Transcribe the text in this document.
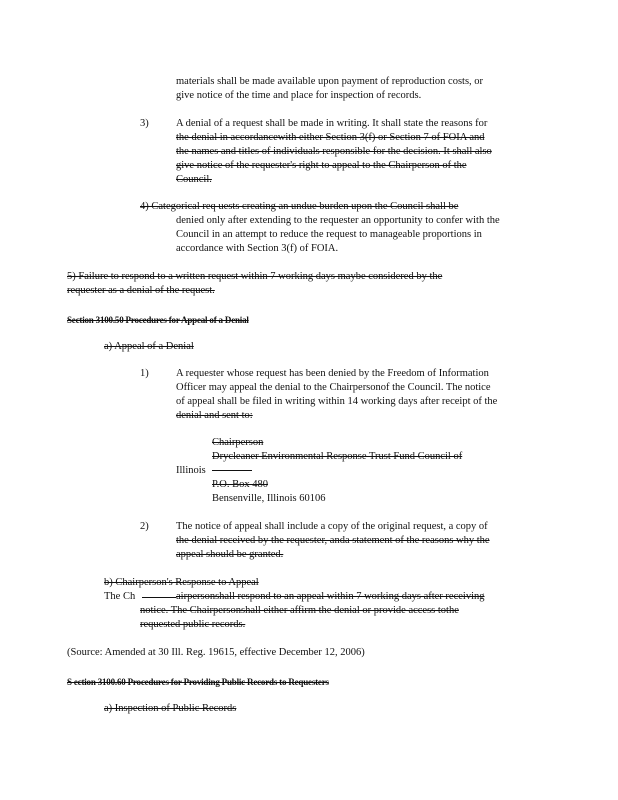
materials shall be made available upon payment of reproduction costs, or
give notice of the time and place for inspection of records.
3)	A denial of a request shall be made in writing. It shall state the reasons for
the denial in accordancewith either Section 3(f) or Section 7 of FOIA and
the names and titles of individuals responsible for the decision. It shall also
give notice of the requester's right to appeal to the Chairperson of the
Council.
4) Categorical req uests creating an undue burden upon the Council shall be
denied only after extending to the requester an opportunity to confer with the
Council in an attempt to reduce the request to manageable proportions in
accordance with Section 3(f) of FOIA.
5) Failure to respond to a written request within 7 working days maybe considered by the
requester as a denial of the request.
Section 3100.50 Procedures for Appeal of a Denial
a) Appeal of a Denial
1)	A requester whose request has been denied by the Freedom of Information
Officer may appeal the denial to the Chairpersonof the Council. The notice
of appeal shall be filed in writing within 14 working days after receipt of the
denial and sent to:
Chairperson
Drycleaner Environmental Response Trust Fund Council of
Illinois
P.O. Box 480
Bensenville, Illinois 60106
2)	The notice of appeal shall include a copy of the original request, a copy of
the denial received by the requester, anda statement of the reasons why the
appeal should be granted.
b) Chairperson's Response to Appeal
The Ch	airpersonshall respond to an appeal within 7 working days after receiving
notice. The Chairpersonshall either affirm the denial or provide access tothe
requested public records.
(Source: Amended at 30 Ill. Reg. 19615, effective December 12, 2006)
S ection 3100.60 Procedures for Providing Public Records to Requesters
a) Inspection of Public Records
